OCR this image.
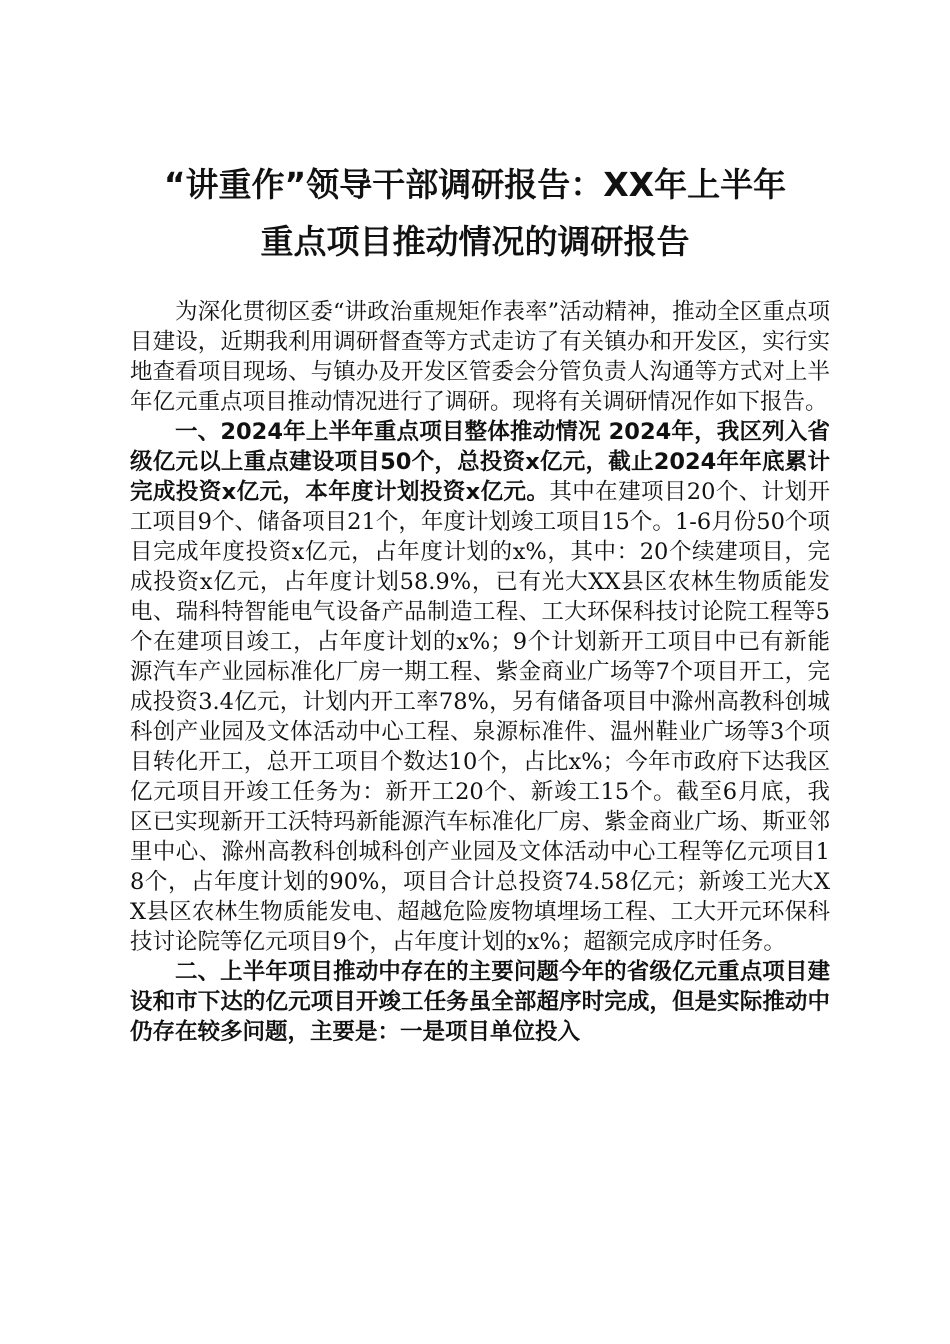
“讲重作”领导干部调研报告：XX年上半年
重点项目推动情况的调研报告

为深化贯彻区委“讲政治重规矩作表率”活动精神，推动全区重点项目建设，近期我利用调研督查等方式走访了有关镇办和开发区，实行实地查看项目现场、与镇办及开发区管委会分管负责人沟通等方式对上半年亿元重点项目推动情况进行了调研。现将有关调研情况作如下报告。

一、2024年上半年重点项目整体推动情况 2024年，我区列入省级亿元以上重点建设项目50个，总投资x亿元，截止2024年年底累计完成投资x亿元，本年度计划投资x亿元。其中在建项目20个、计划开工项目9个、储备项目21个，年度计划竣工项目15个。1-6月份50个项目完成年度投资x亿元，占年度计划的x%，其中：20个续建项目，完成投资x亿元，占年度计划58.9%，已有光大XX县区农林生物质能发电、瑞科特智能电气设备产品制造工程、工大环保科技讨论院工程等5个在建项目竣工，占年度计划的x%；9个计划新开工项目中已有新能源汽车产业园标准化厂房一期工程、紫金商业广场等7个项目开工，完成投资3.4亿元，计划内开工率78%，另有储备项目中滁州高教科创城科创产业园及文体活动中心工程、泉源标准件、温州鞋业广场等3个项目转化开工，总开工项目个数达10个，占比x%；今年市政府下达我区亿元项目开竣工任务为：新开工20个、新竣工15个。截至6月底，我区已实现新开工沃特玛新能源汽车标准化厂房、紫金商业广场、斯亚邻里中心、滁州高教科创城科创产业园及文体活动中心工程等亿元项目18个，占年度计划的90%，项目合计总投资74.58亿元；新竣工光大XX县区农林生物质能发电、超越危险废物填埋场工程、工大开元环保科技讨论院等亿元项目9个，占年度计划的x%；超额完成序时任务。

二、上半年项目推动中存在的主要问题今年的省级亿元重点项目建设和市下达的亿元项目开竣工任务虽全部超序时完成，但是实际推动中仍存在较多问题，主要是：一是项目单位投入
